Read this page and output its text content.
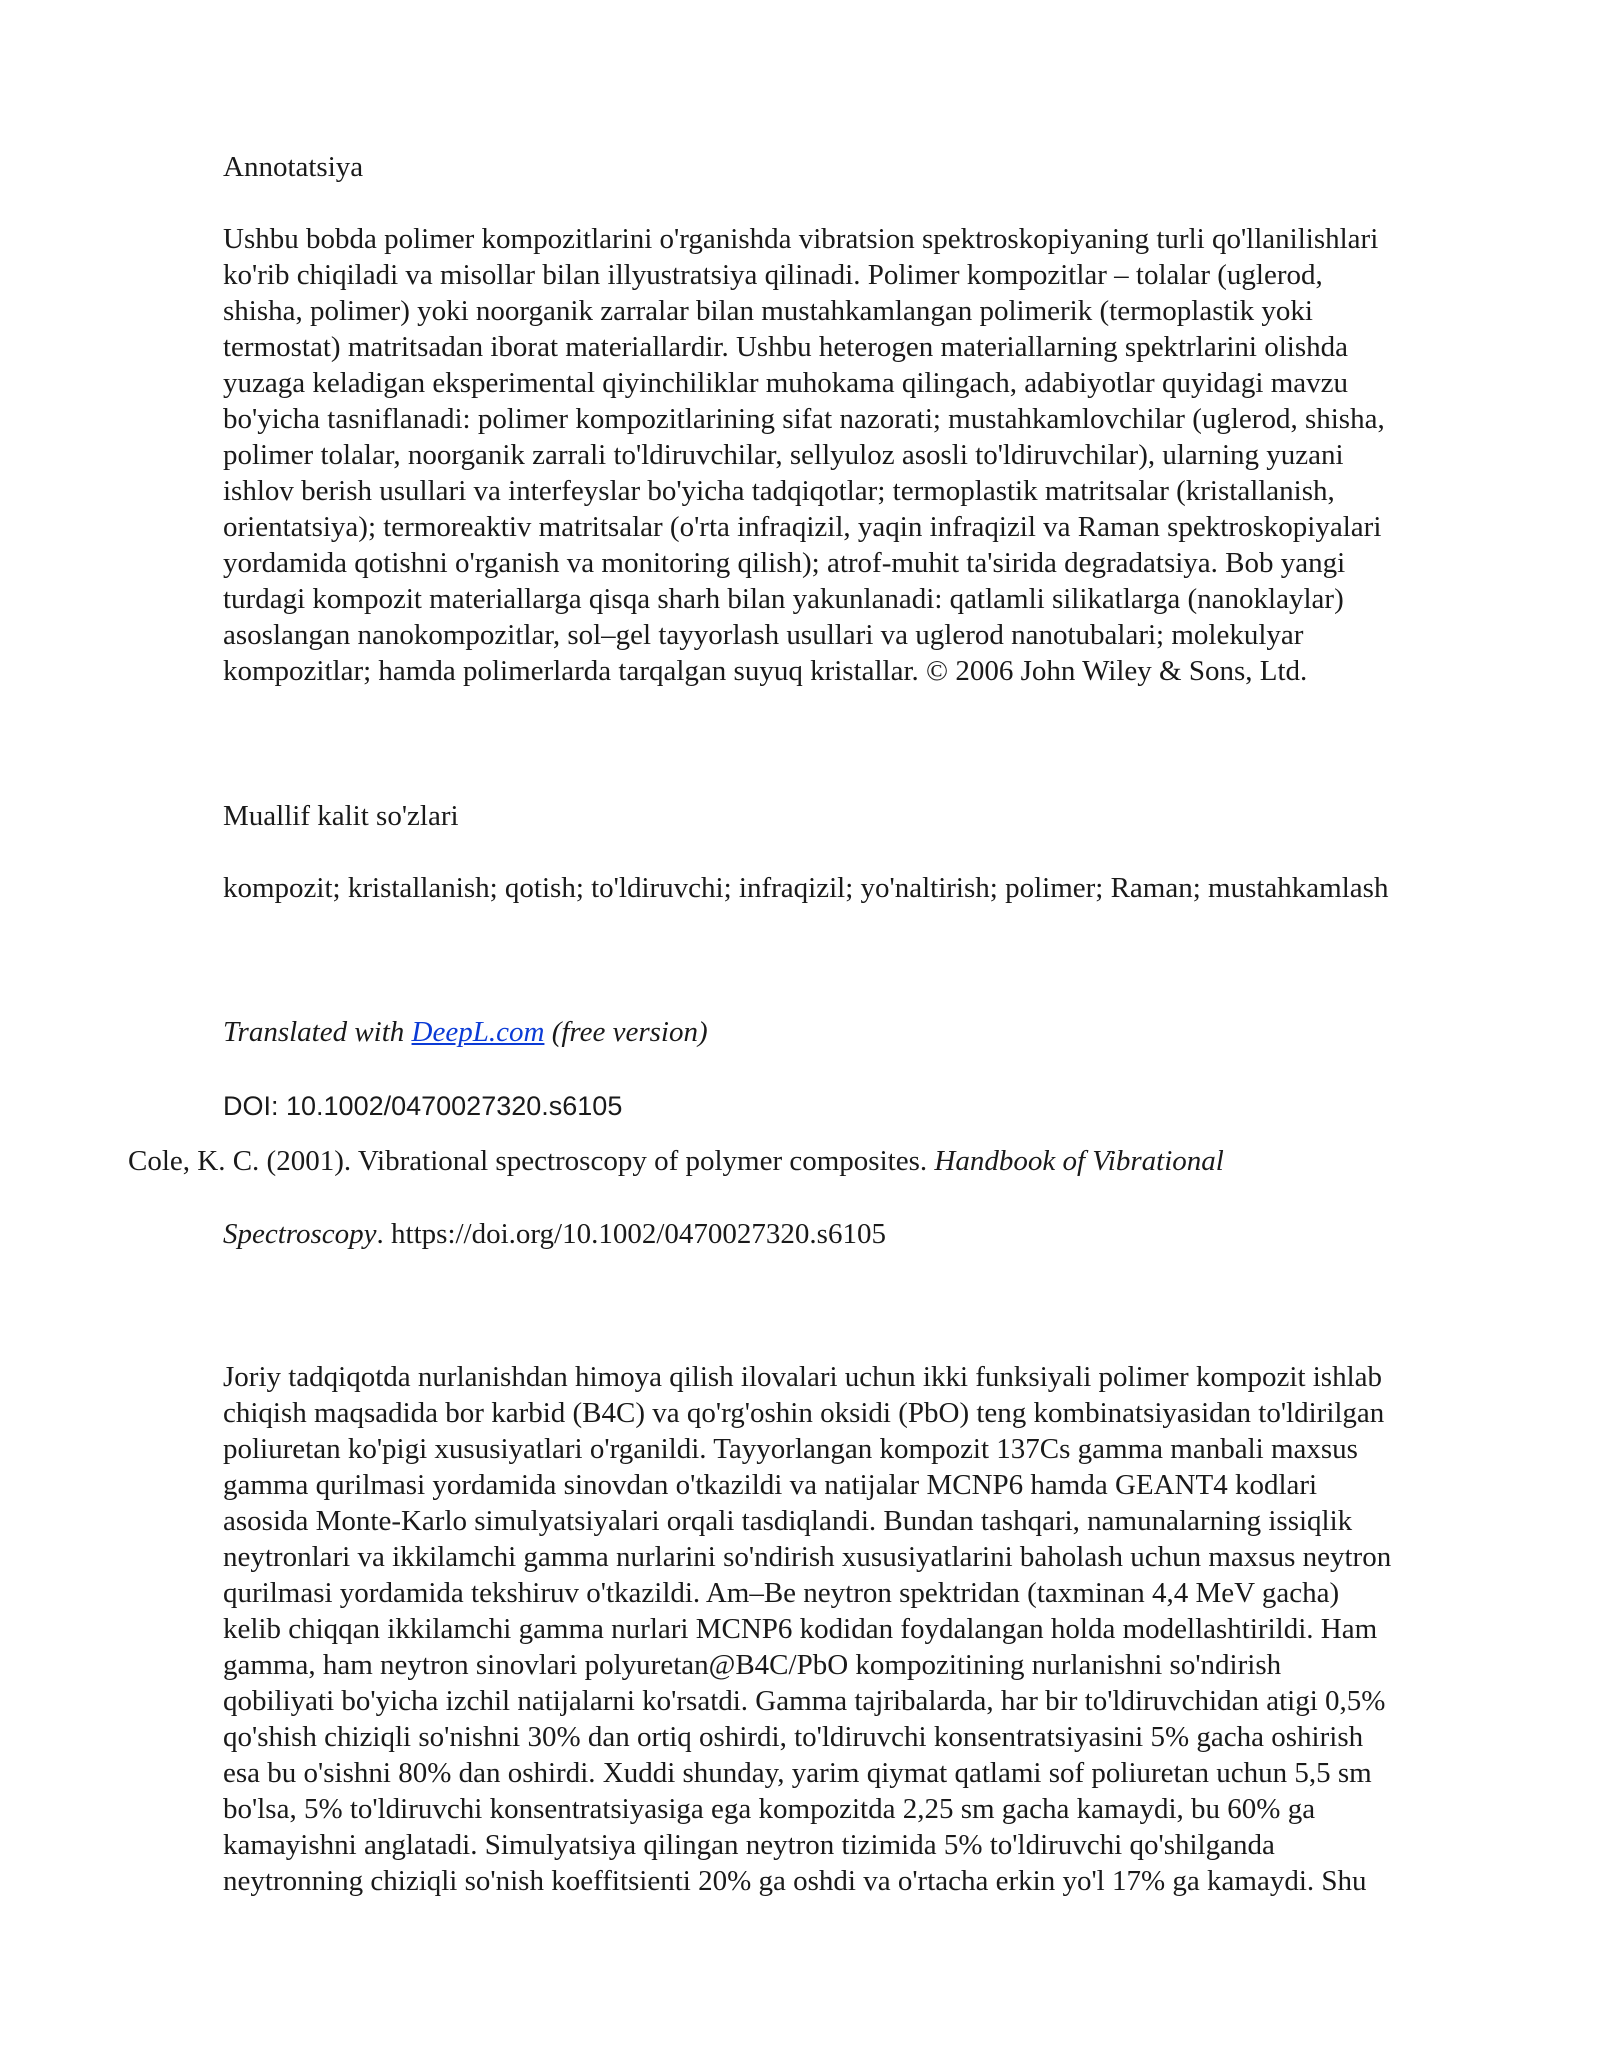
Annotatsiya
Ushbu bobda polimer kompozitlarini o'rganishda vibratsion spektroskopiyaning turli qo'llanilishlari
ko'rib chiqiladi va misollar bilan illyustratsiya qilinadi. Polimer kompozitlar – tolalar (uglerod,
shisha, polimer) yoki noorganik zarralar bilan mustahkamlangan polimerik (termoplastik yoki
termostat) matritsadan iborat materiallardir. Ushbu heterogen materiallarning spektrlarini olishda
yuzaga keladigan eksperimental qiyinchiliklar muhokama qilingach, adabiyotlar quyidagi mavzu
bo'yicha tasniflanadi: polimer kompozitlarining sifat nazorati; mustahkamlovchilar (uglerod, shisha,
polimer tolalar, noorganik zarrali to'ldiruvchilar, sellyuloz asosli to'ldiruvchilar), ularning yuzani
ishlov berish usullari va interfeyslar bo'yicha tadqiqotlar; termoplastik matritsalar (kristallanish,
orientatsiya); termoreaktiv matritsalar (o'rta infraqizil, yaqin infraqizil va Raman spektroskopiyalari
yordamida qotishni o'rganish va monitoring qilish); atrof-muhit ta'sirida degradatsiya. Bob yangi
turdagi kompozit materiallarga qisqa sharh bilan yakunlanadi: qatlamli silikatlarga (nanoklaylar)
asoslangan nanokompozitlar, sol–gel tayyorlash usullari va uglerod nanotubalari; molekulyar
kompozitlar; hamda polimerlarda tarqalgan suyuq kristallar. © 2006 John Wiley & Sons, Ltd.
Muallif kalit so'zlari
kompozit; kristallanish; qotish; to'ldiruvchi; infraqizil; yo'naltirish; polimer; Raman; mustahkamlash
Translated with DeepL.com (free version)
DOI: 10.1002/0470027320.s6105
Cole, K. C. (2001). Vibrational spectroscopy of polymer composites. Handbook of Vibrational
Spectroscopy. https://doi.org/10.1002/0470027320.s6105
Joriy tadqiqotda nurlanishdan himoya qilish ilovalari uchun ikki funksiyali polimer kompozit ishlab
chiqish maqsadida bor karbid (B4C) va qo'rg'oshin oksidi (PbO) teng kombinatsiyasidan to'ldirilgan
poliuretan ko'pigi xususiyatlari o'rganildi. Tayyorlangan kompozit 137Cs gamma manbali maxsus
gamma qurilmasi yordamida sinovdan o'tkazildi va natijalar MCNP6 hamda GEANT4 kodlari
asosida Monte-Karlo simulyatsiyalari orqali tasdiqlandi. Bundan tashqari, namunalarning issiqlik
neytronlari va ikkilamchi gamma nurlarini so'ndirish xususiyatlarini baholash uchun maxsus neytron
qurilmasi yordamida tekshiruv o'tkazildi. Am–Be neytron spektridan (taxminan 4,4 MeV gacha)
kelib chiqqan ikkilamchi gamma nurlari MCNP6 kodidan foydalangan holda modellashtirildi. Ham
gamma, ham neytron sinovlari polyuretan@B4C/PbO kompozitining nurlanishni so'ndirish
qobiliyati bo'yicha izchil natijalarni ko'rsatdi. Gamma tajribalarda, har bir to'ldiruvchidan atigi 0,5%
qo'shish chiziqli so'nishni 30% dan ortiq oshirdi, to'ldiruvchi konsentratsiyasini 5% gacha oshirish
esa bu o'sishni 80% dan oshirdi. Xuddi shunday, yarim qiymat qatlami sof poliuretan uchun 5,5 sm
bo'lsa, 5% to'ldiruvchi konsentratsiyasiga ega kompozitda 2,25 sm gacha kamaydi, bu 60% ga
kamayishni anglatadi. Simulyatsiya qilingan neytron tizimida 5% to'ldiruvchi qo'shilganda
neytronning chiziqli so'nish koeffitsienti 20% ga oshdi va o'rtacha erkin yo'l 17% ga kamaydi. Shu
